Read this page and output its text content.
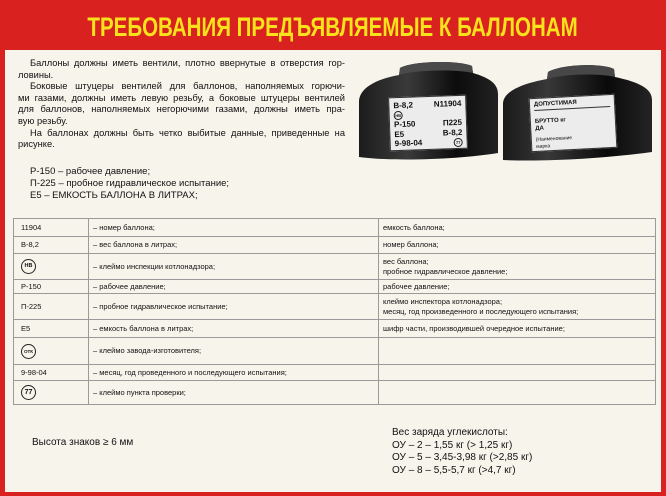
ТРЕБОВАНИЯ ПРЕДЪЯВЛЯЕМЫЕ К БАЛЛОНАМ
Баллоны должны иметь вентили, плотно ввернутые в отверстия гор-
ловины.
Боковые штуцеры вентилей для баллонов, наполняемых горючи-
ми газами, должны иметь левую резьбу, а боковые штуцеры вентилей
для баллонов, наполняемых негорючими газами, должны иметь пра-
вую резьбу.
На баллонах должны быть четко выбитые данные, приведенные на
рисунке.
Р-150 – рабочее давление;
П-225 – пробное гидравлическое испытание;
Е5 – ЕМКОСТЬ БАЛЛОНА В ЛИТРАХ;
В-8,2	N11904
НВ
Р-150	П225
Е5	В-8,2
9-98-04	77
ДОПУСТИМАЯ
БРУТТО кг
ДА
(Наименование
марка
11904	– номер баллона;	емкость баллона;

В-8,2	– вес баллона в литрах;	номер баллона;

НВ	– клеймо инспекции котлонадзора;	вес баллона;
пробное гидравлическое давление;

Р-150	– рабочее давление;	рабочее давление;

П-225	– пробное гидравлическое испытание;	клеймо инспектора котлонадзора;
месяц, год произведенного и последующего испытания;

Е5	– емкость баллона в литрах;	шифр части, производившей очередное испытание;

ОТК	– клеймо завода-изготовителя;	
9-98-04	– месяц, год проведенного и последующего испытания;	
77	– клеймо пункта проверки;	
Высота знаков ≥ 6 мм
Вес заряда углекислоты:
ОУ – 2 – 1,55 кг (> 1,25 кг)
ОУ – 5 – 3,45-3,98 кг (>2,85 кг)
ОУ – 8 – 5,5-5,7 кг (>4,7 кг)
